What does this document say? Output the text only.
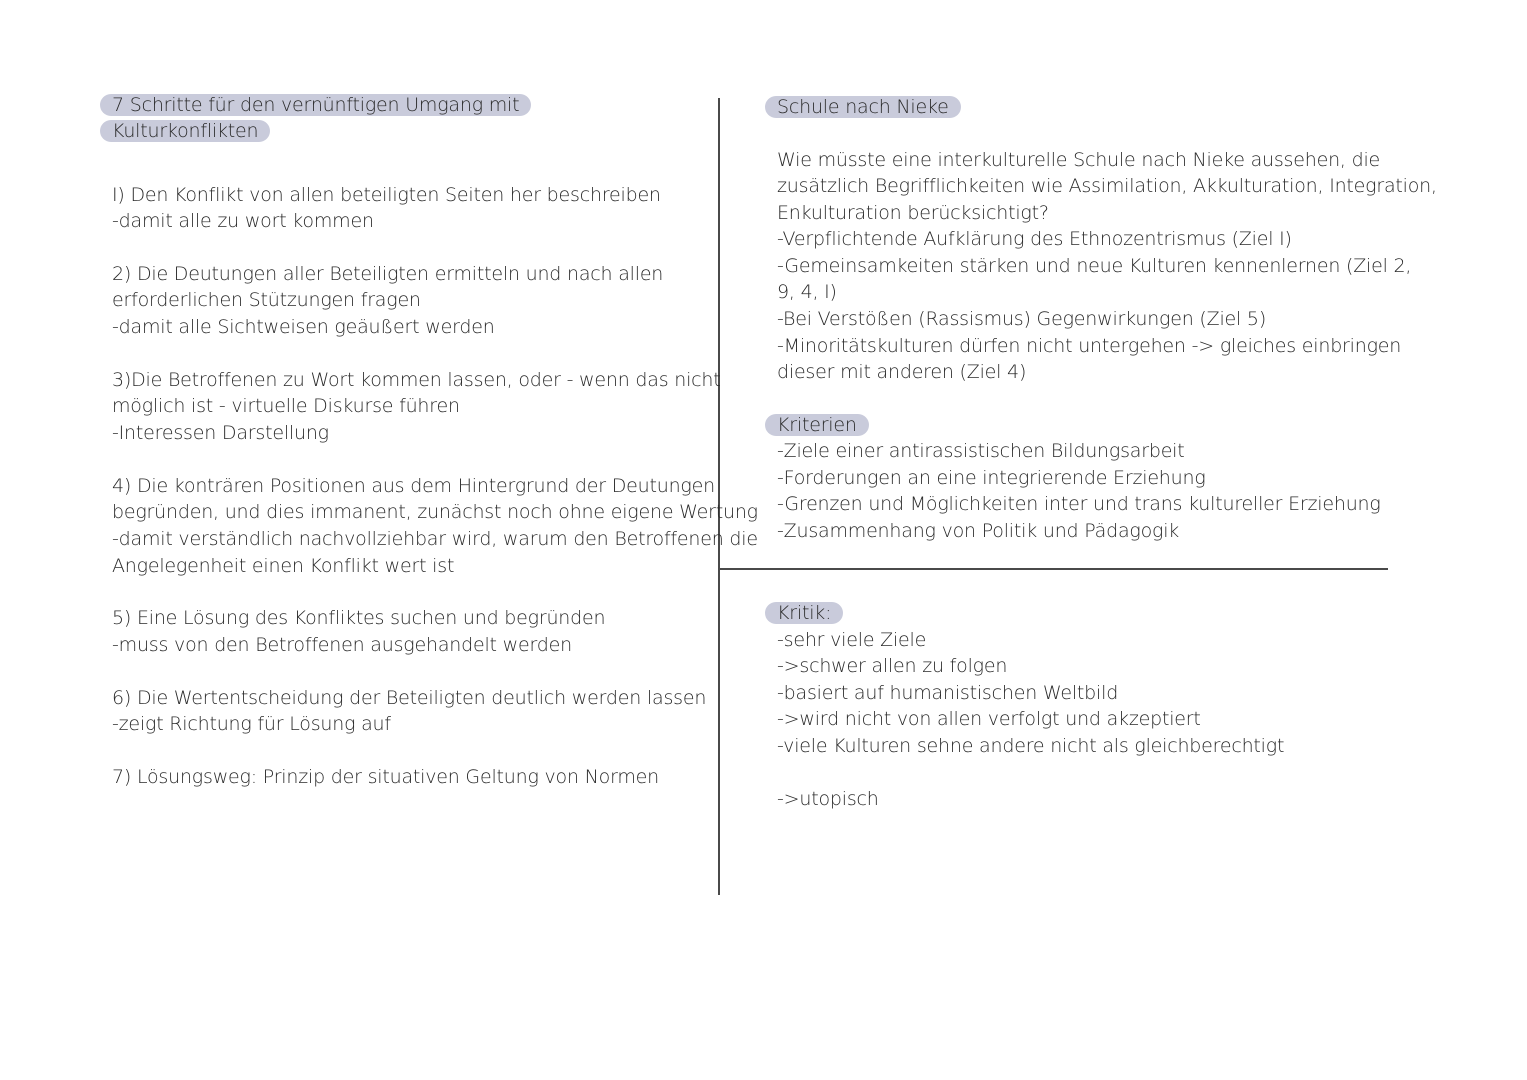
7 Schritte für den vernünftigen Umgang mit
Kulturkonflikten
I) Den Konflikt von allen beteiligten Seiten her beschreiben
-damit alle zu wort kommen
2) Die Deutungen aller Beteiligten ermitteln und nach allen
erforderlichen Stützungen fragen
-damit alle Sichtweisen geäußert werden
3)Die Betroffenen zu Wort kommen lassen, oder - wenn das nicht
möglich ist - virtuelle Diskurse führen
-Interessen Darstellung
4) Die konträren Positionen aus dem Hintergrund der Deutungen
begründen, und dies immanent, zunächst noch ohne eigene Wertung
-damit verständlich nachvollziehbar wird, warum den Betroffenen die
Angelegenheit einen Konflikt wert ist
5) Eine Lösung des Konfliktes suchen und begründen
-muss von den Betroffenen ausgehandelt werden
6) Die Wertentscheidung der Beteiligten deutlich werden lassen
-zeigt Richtung für Lösung auf
7) Lösungsweg: Prinzip der situativen Geltung von Normen
Schule nach Nieke
Wie müsste eine interkulturelle Schule nach Nieke aussehen, die
zusätzlich Begrifflichkeiten wie Assimilation, Akkulturation, Integration,
Enkulturation berücksichtigt?
-Verpflichtende Aufklärung des Ethnozentrismus (Ziel I)
-Gemeinsamkeiten stärken und neue Kulturen kennenlernen (Ziel 2,
9, 4, I)
-Bei Verstößen (Rassismus) Gegenwirkungen (Ziel 5)
-Minoritätskulturen dürfen nicht untergehen -> gleiches einbringen
dieser mit anderen (Ziel 4)
Kriterien
-Ziele einer antirassistischen Bildungsarbeit
-Forderungen an eine integrierende Erziehung
-Grenzen und Möglichkeiten inter und trans kultureller Erziehung
-Zusammenhang von Politik und Pädagogik
Kritik:
-sehr viele Ziele
->schwer allen zu folgen
-basiert auf humanistischen Weltbild
->wird nicht von allen verfolgt und akzeptiert
-viele Kulturen sehne andere nicht als gleichberechtigt
->utopisch
